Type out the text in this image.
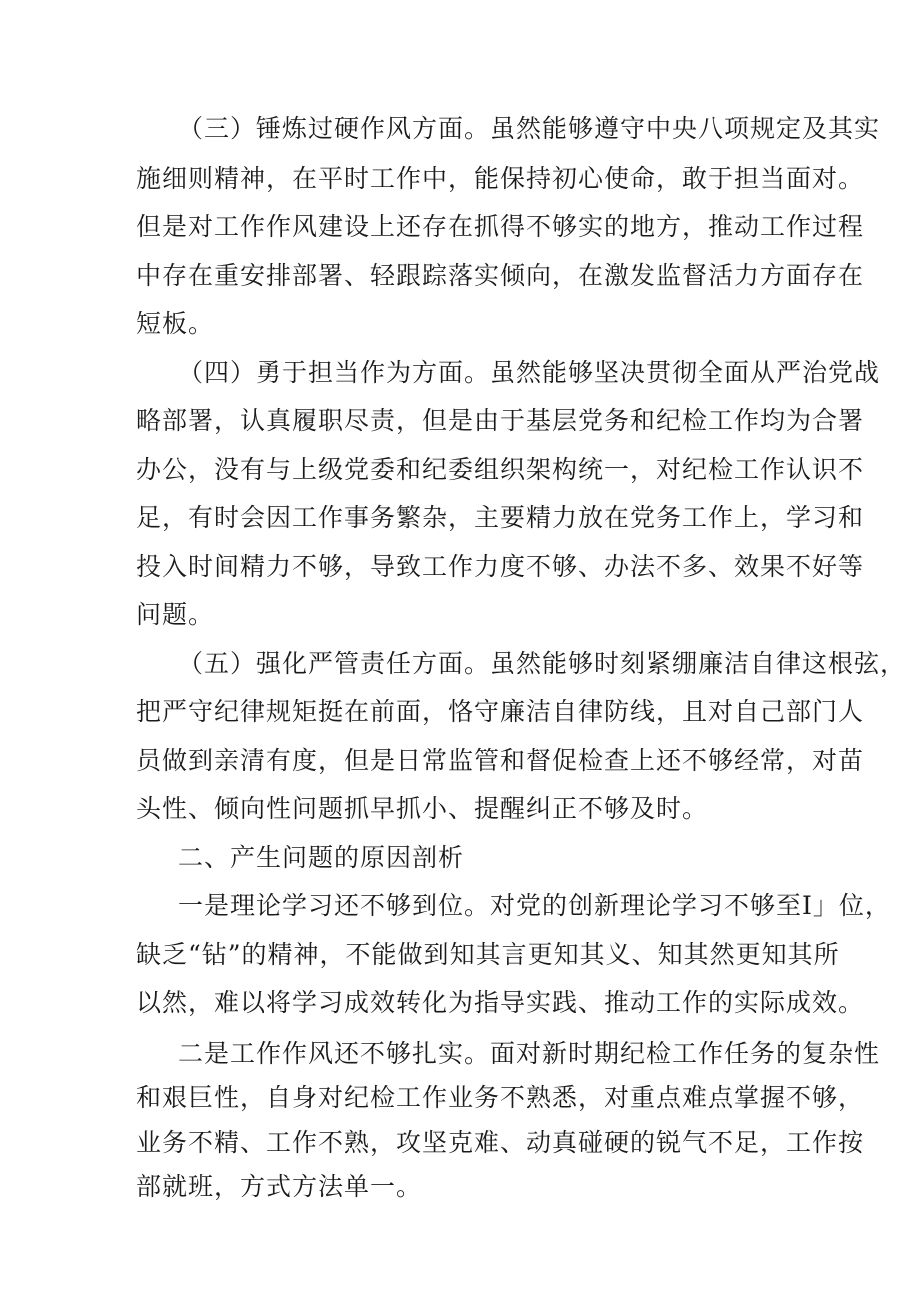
（三）锤炼过硬作风方面。虽然能够遵守中央八项规定及其实
施细则精神，在平时工作中，能保持初心使命，敢于担当面对。
但是对工作作风建设上还存在抓得不够实的地方，推动工作过程
中存在重安排部署、轻跟踪落实倾向，在激发监督活力方面存在
短板。
（四）勇于担当作为方面。虽然能够坚决贯彻全面从严治党战
略部署，认真履职尽责，但是由于基层党务和纪检工作均为合署
办公，没有与上级党委和纪委组织架构统一，对纪检工作认识不
足，有时会因工作事务繁杂，主要精力放在党务工作上，学习和
投入时间精力不够，导致工作力度不够、办法不多、效果不好等
问题。
（五）强化严管责任方面。虽然能够时刻紧绷廉洁自律这根弦，
把严守纪律规矩挺在前面，恪守廉洁自律防线，且对自己部门人
员做到亲清有度，但是日常监管和督促检查上还不够经常，对苗
头性、倾向性问题抓早抓小、提醒纠正不够及时。
二、产生问题的原因剖析
一是理论学习还不够到位。对党的创新理论学习不够至I」位，
缺乏“钻”的精神，不能做到知其言更知其义、知其然更知其所
以然，难以将学习成效转化为指导实践、推动工作的实际成效。
二是工作作风还不够扎实。面对新时期纪检工作任务的复杂性
和艰巨性，自身对纪检工作业务不熟悉，对重点难点掌握不够，
业务不精、工作不熟，攻坚克难、动真碰硬的锐气不足，工作按
部就班，方式方法单一。
